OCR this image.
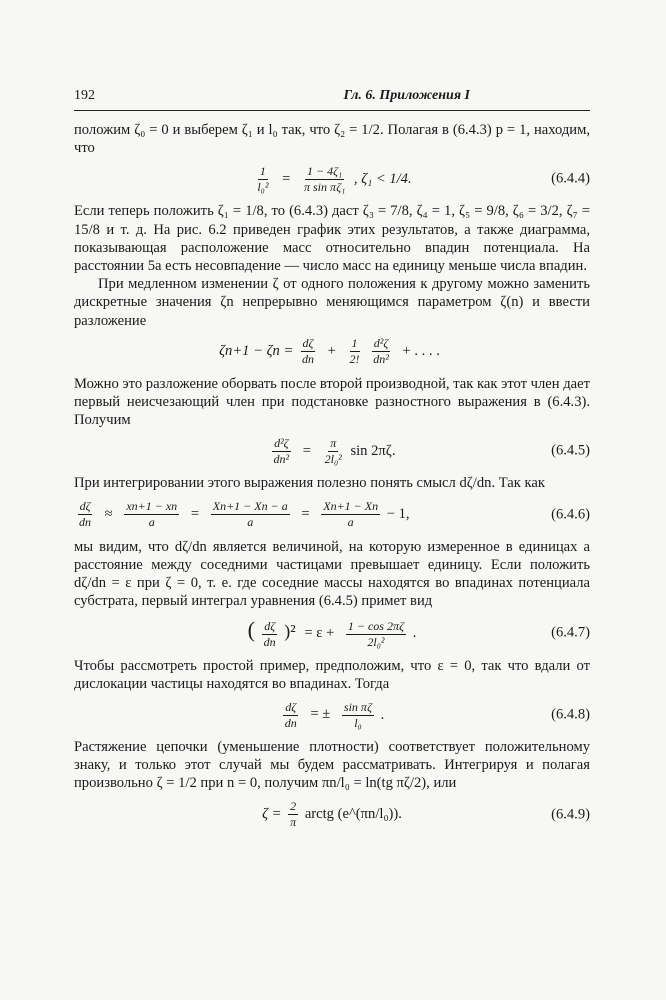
192	Гл. 6. Приложения I

положим ζ₀ = 0 и выберем ζ₁ и l₀ так, что ζ₂ = 1/2. Полагая в (6.4.3) p = 1, находим, что

$\frac{1}{\text{l₀²}} = \frac{\text{1 − 4ζ₁}}{\text{π sin πζ₁}}$ , ζ₁ < 1/4.	(6.4.4)

Если теперь положить ζ₁ = 1/8, то (6.4.3) даст ζ₃ = 7/8, ζ₄ = 1, ζ₅ = 9/8, ζ₆ = 3/2, ζ₇ = 15/8 и т. д. На рис. 6.2 приведен график этих результатов, а также диаграмма, показывающая расположение масс относительно впадин потенциала. На расстоянии 5a есть несовпадение — число масс на единицу меньше числа впадин.

При медленном изменении ζ от одного положения к другому можно заменить дискретные значения ζn непрерывно меняющимся параметром ζ(n) и ввести разложение

$\zeta n+1 - \zeta n = \frac{d\zeta}{dn} + \frac{1}{2!}$
$\frac{\text{d²ζ}}{\text{dn²}}$ + . . . .

Можно это разложение оборвать после второй производной, так как этот член дает первый неисчезающий член при подстановке разностного выражения в (6.4.3). Получим

$\frac{\text{d²ζ}}{\text{dn²}} = \frac{\pi}{\text{2l₀²}}$ sin 2πζ.	(6.4.5)

При интегрировании этого выражения полезно понять смысл dζ/dn. Так как

$\frac{d\zeta}{dn} \approx \frac{xn+1 - xn}{a} = \frac{Xn+1 - Xn - a}{a} = \frac{Xn+1 - Xn}{a} - 1$,	(6.4.6)

мы видим, что dζ/dn является величиной, на которую измеренное в единицах a расстояние между соседними частицами превышает единицу. Если положить dζ/dn = ε при ζ = 0, т. е. где соседние массы находятся во впадинах потенциала субстрата, первый интеграл уравнения (6.4.5) примет вид

( $\frac{d\zeta}{dn} )^2 = \varepsilon + \frac{1 - \cos 2\pi\zeta}{\text{2l₀²}}$ .	(6.4.7)

Чтобы рассмотреть простой пример, предположим, что ε = 0, так что вдали от дислокации частицы находятся во впадинах. Тогда

$\frac{d\zeta}{dn}$ = ± $\frac{\text{sin πζ}}{\text{l₀}}$ .	(6.4.8)

Растяжение цепочки (уменьшение плотности) соответствует положительному знаку, и только этот случай мы будем рассматривать. Интегрируя и полагая произвольно ζ = 1/2 при n = 0, получим πn/l₀ = ln(tg πζ/2), или

$\zeta = \frac{2}{\pi}$ arctg (e^(πn/l₀)).	(6.4.9)
